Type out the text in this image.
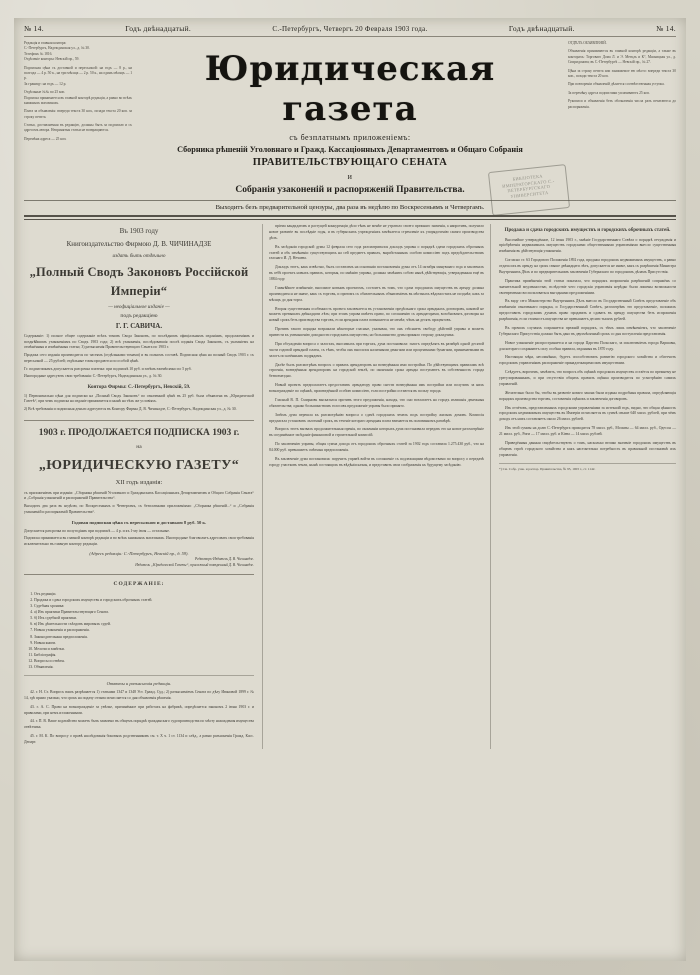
№ 14.	Годъ двѣнадцатый.	С.-Петербургъ, Четвергъ 20 Февраля 1903 года.	Годъ двѣнадцатый.	№ 14.
Редакцiя и главная контора:
С.-Петербургъ, Надеждинская ул., д. № 30.
Телефонъ № 1816.
Отдѣленiе конторы: Невскiй пр., 59.
Подписная цѣна съ доставкой и пересылкой: на годъ — 8 р., на полгода — 4 р. 50 к., на три мѣсяца — 2 р. 50 к., на одинъ мѣсяцъ — 1 р.
За границу: на годъ — 12 р.
Отдѣльные №№ по 25 коп.
Подписка принимается въ главной конторѣ редакцiи, а равно во всѣхъ книжныхъ магазинахъ.
Плата за объявленiя: впереди текста 30 коп., позади текста 20 коп. за строку петита.
Статьи, доставляемыя въ редакцiю, должны быть за подписью и съ адресомъ автора. Непринятыя статьи не возвращаются.
Перемѣна адреса — 25 коп.
Юридическая газета
съ безплатнымъ приложенiемъ:
Сборника рѣшенiй Уголовнаго и Гражд. Кассацiонныхъ Департаментовъ и Общаго Собранiя
ПРАВИТЕЛЬСТВУЮЩАГО СЕНАТА
и
Собранiя узаконенiй и распоряженiй Правительства.
ОТДѢЛЪ ОБЪЯВЛЕНIЙ.
Объявленiя принимаются въ главной конторѣ редакцiи, а также въ конторахъ: Торговаго Дома Л. и Э. Метцль и К°, Мясницкая ул., д. Спиридонова; въ С.-Петербургѣ — Невскiй пр., № 27.
Цѣна за строку петита или занимаемое ею мѣсто: впереди текста 30 коп., позади текста 20 коп.
При повторенiи объявленiй дѣлается соотвѣтственная уступка.
За перемѣну адреса подписчики уплачиваютъ 25 коп.
Рукописи и объявленiя безъ обозначенiя числа разъ печатаются до распоряженiя.
БИБЛIОТЕКА ИМПЕРАТОРСКАГО С.-ПЕТЕРБУРГСКАГО УНИВЕРСИТЕТА
Выходитъ безъ предварительной цензуры, два раза въ недѣлю по Воскресеньямъ и Четвергамъ.
Въ 1903 году
Книгоиздательство Фирмою Д. В. ЧИЧИНАДЗЕ
издать быть отдѣльно
„Полный Сводъ Законовъ Россiйской Имперiи“
— неофицiальное изданiе —
подъ редакцiею
Г. Г. САВИЧА.

Содержанiе: 1) полное общее содержанiе всѣхъ томовъ Свода Законовъ, по послѣднимъ офицiальнымъ изданiямъ, продолженiямъ и позднѣйшимъ узаконенiямъ по Сводъ 1903 года; 2) всѣ узаконенiя, послѣдовавшiя послѣ изданiя Свода Законовъ, съ указанiемъ на отмѣнённыя и измѣнённыя статьи; 3) разъясненiя Правительствующаго Сената по 1903 г.

Продажа сего изданiя производится по частямъ (отдѣльными томами) и въ полномъ составѣ. Подписная цѣна на полный Сводъ 1903 г. съ пересылкой — 25 рублей; отдѣльные томы продаются по особой цѣнѣ.

Гг. подписчикамъ допускается разсрочка платежа: при подпискѣ 10 руб. и затѣмъ ежемѣсячно по 5 руб.

Иногородные адресуютъ свои требованiя: С.-Петербургъ, Надеждинская ул., д. № 30.

Контора Фирмы: С.-Петербургъ, Невскiй, 59.

1) Первоначально цѣна для подписки на „Полный Сводъ Законовъ“ по означенной цѣнѣ въ 25 руб. была объявлена въ „Юридической Газетѣ“, при чемъ подписка на изданiе принимается и нынѣ на тѣхъ же условiяхъ.

2) Всѣ требованiя и подписныя деньги адресуются въ Контору Фирмы Д. В. Чичинадзе, С.-Петербургъ, Надеждинская ул., д. № 30.

1903 г. ПРОДОЛЖАЕТСЯ ПОДПИСКА 1903 г.
на
„ЮРИДИЧЕСКУЮ ГАЗЕТУ“
XII годъ изданiя:

съ приложенiемъ при изданiи: „Сборника рѣшенiй Уголовнаго и Гражданскихъ Кассацiонныхъ Департаментовъ и Общаго Собранiя Сената“ и „Собранiя узаконенiй и распоряженiй Правительства“.

Выходитъ два раза въ недѣлю, по Воскресеньямъ и Четвергамъ, съ безплатными приложенiями: „Сборника рѣшенiй...“ и „Собранiя узаконенiй и распоряженiй Правительства“.

Годовая подписная цѣна съ пересылкою и доставкою 8 руб. 50 к.

Допускается разсрочка по полугодiямъ при подпискѣ — 4 р. и къ 1-му iюля — остальные.

Подписка принимается въ главной конторѣ редакцiи и во всѣхъ книжныхъ магазинахъ. Иногородные благоволятъ адресовать свои требованiя исключительно въ главную контору редакцiи.

(Адресъ редакцiи: С.-Петербургъ, Невскiй пр., д. 59).
Редакторъ-Издатель Д. В. Чичинадзе.
Издатель „Юридической Газеты“, присяжный повѣренный Д. В. Чичинадзе.
СОДЕРЖАНIЕ:
1. Отъ редакцiи.
2. Продажа и сдача городскихъ имуществъ и городскихъ оброчныхъ статей.
3. Судебная хроника:
4. а) Изъ практики Правительствующаго Сената.
5. б) Изъ судебной практики.
6. в) Изъ дѣятельности съѣздовъ мировыхъ судей.
7. Новыя узаконенiя и распоряженiя.
8. Законодательныя предположенiя.
9. Новыя книги.
10. Мелочи и замѣтки.
11. Библiографiя.
12. Вопросы и отвѣты.
13. Объявленiя.
Отвѣты и разъясненiя редакцiи.

42. г. Н. Ст. Вопросъ вашъ разрѣшается 1) статьями 1347 и 1348 Уст. Гражд. Суд.; 2) разъясненiемъ Сената по дѣлу Ивановой 1899 г. № 14, гдѣ прямо указано, что срокъ на подачу отзыва исчисляется со дня объявленiя рѣшенiя.

43. г. А. С. Право на вознагражденiе за увѣчье, причинённое при работахъ на фабрикѣ, опредѣляется закономъ 2 iюня 1903 г. и правилами, при немъ изложенными.

44. г. П. В. Ваше ходатайство можетъ быть заявлено въ общемъ порядкѣ гражданскаго судопроизводства по мѣсту нахождения имущества отвѣтчика.

45. г. М. К. По вопросу о правѣ наслѣдованiя боковыхъ родственниковъ см. т. X ч. 1 ст. 1134 и слѣд., а равно разъясненiя Гражд. Касс. Департ.

прiема кандидатовъ и растущей конкуренцiи дѣло тѣмъ не менѣе не утратило своего прежняго значенiя, а напротивъ, получило новое развитiе въ послѣднiе годы, и въ губернскихъ учрежденiяхъ замѣчается стремленiе къ упорядоченiю самаго производства дѣлъ.

Въ засѣданiи городской думы 12 февраля сего года разсматривался докладъ управы о порядкѣ сдачи городскихъ оброчныхъ статей и объ измѣненiи существующихъ на сей предметъ правилъ, выработанныхъ особою комиссiею подъ предсѣдательствомъ гласнаго И. Д. Нечаева.

Докладъ этотъ, какъ извѣстно, былъ составленъ на основанiи постановленiя думы отъ 14 октября минувшаго года и заключалъ въ себѣ проектъ новыхъ правилъ, которыя, по мнѣнiю управы, должны замѣнить собою нынѣ дѣйствующiя, утвержденныя ещё въ 1884 году.

Главнѣйшее измѣненiе, вносимое новымъ проектомъ, состоитъ въ томъ, что сдача городскихъ имуществъ въ аренду должна производиться не иначе, какъ съ торговъ, и притомъ съ обязательнымъ объявленiемъ въ мѣстныхъ вѣдомостяхъ не позднѣе, какъ за мѣсяцъ до дня торга.

Вторая существенная особенность проекта заключается въ установленiи предѣльнаго срока арендныхъ договоровъ, каковой не можетъ превышать двѣнадцати лѣтъ; при этомъ управа имѣетъ право, по соглашенiю съ арендаторами, возобновлять договоры на новый срокъ безъ производства торговъ, если арендная плата повышается не менѣе, чѣмъ на десять процентовъ.

Противъ такого порядка возражали нѣкоторые гласные, указывая, что онъ стѣсняетъ свободу дѣйствiй управы и можетъ привести къ уменьшенiю доходности городскихъ имуществъ; но большинство думы приняло сторону докладчика.

При обсужденiи вопроса о залогахъ, вносимыхъ при торгахъ, дума постановила: залогъ опредѣлять въ размѣрѣ одной десятой части годовой арендной платы, съ тѣмъ, чтобы онъ вносился наличными деньгами или процентными бумагами, принимаемыми въ залогъ по казённымъ подрядамъ.

Далѣе былъ разсмотрѣнъ вопросъ о правахъ арендаторовъ на возведённыя ими постройки. По дѣйствующимъ правиламъ всѣ строенiя, возведённыя арендаторомъ на городской землѣ, по окончанiи срока аренды поступаютъ въ собственность города безвозмездно.

Новый проектъ предполагаетъ предоставить арендатору право снести возведённыя имъ постройки или получить за нихъ вознагражденiе по оцѣнкѣ, произведённой особою комиссiею, если постройки остаются въ пользу города.

Гласный В. П. Смирновъ высказался противъ этого предложенiя, находя, что оно возлагаетъ на городъ излишнiя денежныя обязательства; однако большинствомъ голосовъ предложенiе управы было принято.

Затѣмъ дума перешла къ разсмотрѣнiю вопроса о сдачѣ городскихъ земель подъ постройку жилыхъ домовъ. Комиссiя предлагала установить льготный срокъ, въ теченiе котораго арендная плата взимается въ половинномъ размѣрѣ.

Вопросъ этотъ вызвалъ продолжительныя пренiя, по окончанiи которыхъ дума постановила передать его на новое разсмотрѣнiе въ соединённое засѣданiе финансовой и строительной комиссiй.

По заключенiю управы, общая сумма дохода отъ городскихъ оброчныхъ статей за 1902 годъ составила 1.275.430 руб., что на 84.000 руб. превышаетъ смѣтныя предположенiя.

Въ заключенiе дума постановила: поручить управѣ войти въ соглашенiе съ подлежащими вѣдомствами по вопросу о передачѣ городу участковъ земли, нынѣ состоящихъ въ вѣдѣнiи казны, и представить свои соображенiя къ будущему засѣданiю.

Продажа и сдача городскихъ имуществъ и городскихъ оброчныхъ статей.

Высочайше утверждённое, 12 iюня 1903 г., мнѣнiе Государственнаго Совѣта о порядкѣ отчужденiя и прiобрѣтенiя недвижимыхъ имуществъ городскими общественными управленiями внесло существенныя измѣненiя въ дѣйствующiя узаконенiя.

Согласно ст. 63 Городового Положенiя 1892 года, продажа городскихъ недвижимыхъ имуществъ, а равно отдача ихъ въ аренду на срокъ свыше двѣнадцати лѣтъ, допускается не иначе, какъ съ разрѣшенiя Министра Внутреннихъ Дѣлъ и по предварительномъ заключенiи Губернскаго по городскимъ дѣламъ Присутствiя.

Практика примѣненiя этой статьи показала, что порядокъ испрошенiя разрѣшенiй сопряжёнъ со значительной медленностью, вслѣдствiе чего городскiя управленiя нерѣдко были лишены возможности своевременно воспользоваться выгодными предложенiями.

Въ виду сего Министерство Внутреннихъ Дѣлъ внесло въ Государственный Совѣтъ представленiе объ измѣненiи означеннаго порядка, и Государственный Совѣтъ, разсмотрѣвъ это представленiе, положилъ предоставить городскимъ думамъ право продавать и сдавать въ аренду имущества безъ испрошенiя разрѣшенiя, если стоимость имущества не превышаетъ десяти тысячъ рублей.

Въ прочихъ случаяхъ сохраняется прежнiй порядокъ, съ тѣмъ лишь измѣненiемъ, что заключенiе Губернскаго Присутствiя должно быть дано въ двухмѣсячный срокъ со дня поступленiя представленiя.

Новое узаконенiе распространяется и на города Царства Польскаго, за исключенiемъ города Варшавы, для котораго сохраняютъ силу особыя правила, изданныя въ 1870 году.

Настоящая мѣра, несомнѣнно, будетъ способствовать развитiю городского хозяйства и облегчитъ городскимъ управленiямъ распоряженiе принадлежащими имъ имуществами.

Слѣдуетъ, впрочемъ, замѣтить, что вопросъ объ оцѣнкѣ городскихъ имуществъ остаётся по прежнему не урегулированнымъ, и при отсутствiи общихъ правилъ оцѣнка производится по усмотрѣнiю самихъ управленiй.

Желательно было бы, чтобы въ развитiе новаго закона были изданы подробныя правила, опредѣляющiя порядокъ производства торговъ, составленiя оцѣнокъ и заключенiя договоровъ.

Изъ отчётовъ, представленныхъ городскими управленiями за истекшiй годъ, видно, что общая цѣнность городскихъ недвижимыхъ имуществъ въ Имперiи исчисляется въ суммѣ свыше 640 милл. рублей, при чёмъ доходъ отъ нихъ составляетъ около 26 милл. рублей.

Изъ этой суммы на долю С.-Петербурга приходится 78 милл. руб., Москвы — 64 милл. руб., Одессы — 21 милл. руб., Риги — 17 милл. руб. и Кiева — 14 милл. рублей.

Приведённыя данныя свидѣтельствуютъ о томъ, насколько велико значенiе городскихъ имуществъ въ общемъ строѣ городского хозяйства и какъ настоятельна потребность въ правильной постановкѣ ихъ управленiя.

*) См. Собр. узак. и распор. Правительства, № 95, 1903 г., ст. 1142.
